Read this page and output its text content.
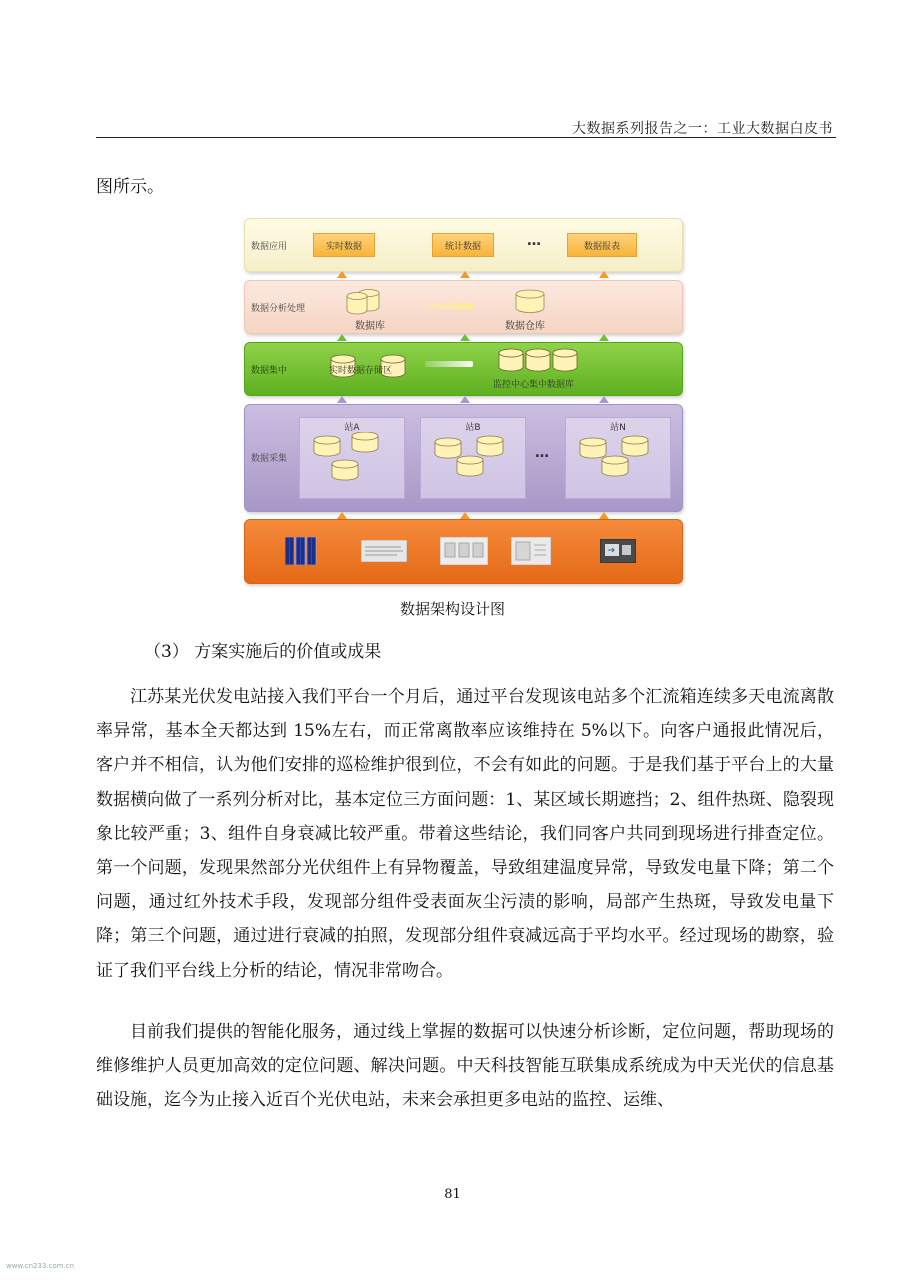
大数据系列报告之一：工业大数据白皮书
图所示。
数据应用	实时数据	统计数据	…	数据报表
数据分析处理
数据库	数据仓库
数据集中	实时数据存储区
监控中心集中数据库
数据采集
站A	站B
…
站N
数据架构设计图
（3） 方案实施后的价值或成果

江苏某光伏发电站接入我们平台一个月后，通过平台发现该电站多个汇流箱连续多天电流离散率异常，基本全天都达到 15%左右，而正常离散率应该维持在 5%以下。向客户通报此情况后，客户并不相信，认为他们安排的巡检维护很到位，不会有如此的问题。于是我们基于平台上的大量数据横向做了一系列分析对比，基本定位三方面问题：1、某区域长期遮挡；2、组件热斑、隐裂现象比较严重；3、组件自身衰减比较严重。带着这些结论，我们同客户共同到现场进行排查定位。第一个问题，发现果然部分光伏组件上有异物覆盖，导致组建温度异常，导致发电量下降；第二个问题，通过红外技术手段，发现部分组件受表面灰尘污渍的影响，局部产生热斑，导致发电量下降；第三个问题，通过进行衰减的拍照，发现部分组件衰减远高于平均水平。经过现场的勘察，验证了我们平台线上分析的结论，情况非常吻合。

目前我们提供的智能化服务，通过线上掌握的数据可以快速分析诊断，定位问题，帮助现场的维修维护人员更加高效的定位问题、解决问题。中天科技智能互联集成系统成为中天光伏的信息基础设施，迄今为止接入近百个光伏电站，未来会承担更多电站的监控、运维、

81
www.cn233.com.cn
